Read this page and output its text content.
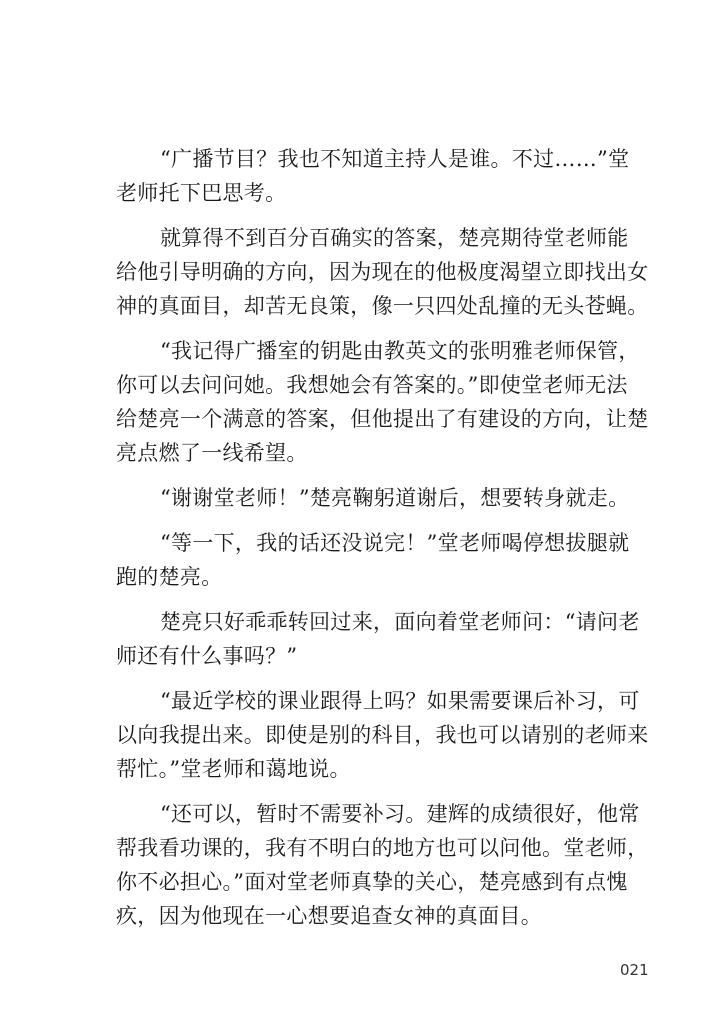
“广播节目？我也不知道主持人是谁。不过……”堂
老师托下巴思考。

就算得不到百分百确实的答案，楚亮期待堂老师能
给他引导明确的方向，因为现在的他极度渴望立即找出女
神的真面目，却苦无良策，像一只四处乱撞的无头苍蝇。

“我记得广播室的钥匙由教英文的张明雅老师保管，
你可以去问问她。我想她会有答案的。”即使堂老师无法
给楚亮一个满意的答案，但他提出了有建设的方向，让楚
亮点燃了一线希望。

“谢谢堂老师！”楚亮鞠躬道谢后，想要转身就走。

“等一下，我的话还没说完！”堂老师喝停想拔腿就
跑的楚亮。

楚亮只好乖乖转回过来，面向着堂老师问：“请问老
师还有什么事吗？”

“最近学校的课业跟得上吗？如果需要课后补习，可
以向我提出来。即使是别的科目，我也可以请别的老师来
帮忙。”堂老师和蔼地说。

“还可以，暂时不需要补习。建辉的成绩很好，他常
帮我看功课的，我有不明白的地方也可以问他。堂老师，
你不必担心。”面对堂老师真挚的关心，楚亮感到有点愧
疚，因为他现在一心想要追查女神的真面目。

021
